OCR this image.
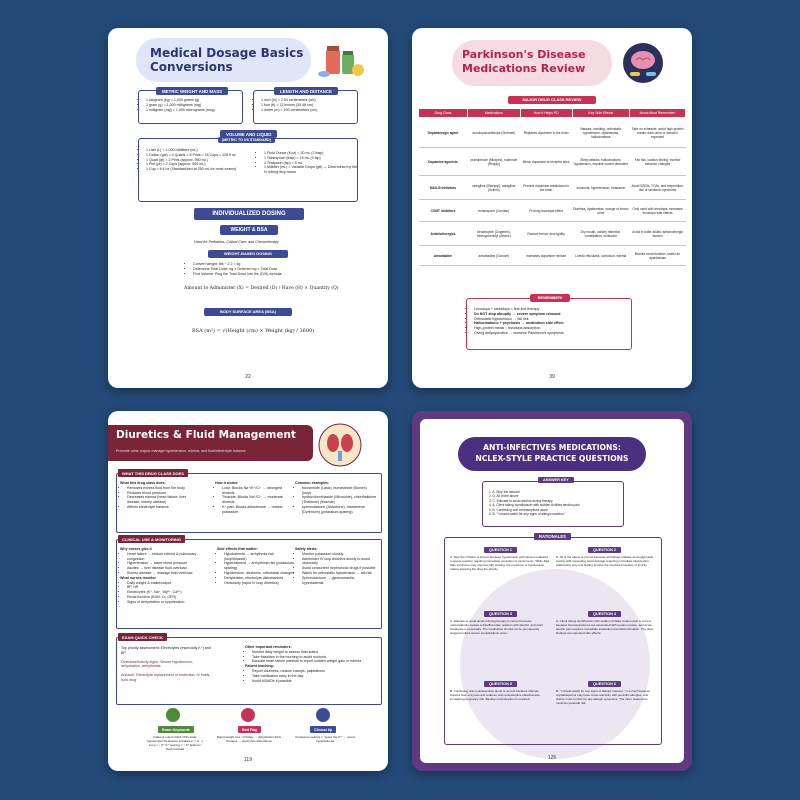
Medical Dosage Basics
Conversions
• 1 kilogram (kg) = 1,000 grams (g)
• 1 gram (g) = 1,000 milligrams (mg)
• 1 milligram (mg) = 1,000 micrograms (mcg)
METRIC WEIGHT AND MASS
• 1 inch (in) = 2.54 centimeters (cm)
• 1 foot (ft) = 12 inches (30.48 cm)
• 1 meter (m) = 100 centimeters (cm)
LENGTH AND DISTANCE
• 1 Liter (L) = 1,000 milliliters (mL)
• 1 Gallon (gal) = 4 Quarts = 8 Pints = 16 Cups = 128 fl oz
• 1 Quart (qt) = 2 Pints (approx. 950 mL)
• 1 Pint (pt) = 2 Cups (approx. 500 mL)
• 1 Cup = 8 fl oz (Standardized at 250 mL for most exams)
• 1 Fluid Ounce (fl oz) = 30 mL (2 tbsp)
• 1 Tablespoon (tbsp) = 15 mL (3 tsp)
• 1 Teaspoon (tsp) = 5 mL
• 1 Milliliter (mL) = Variable Drops (gtt) — Determined by the IV tubing drop factor
VOLUME AND LIQUID
(METRIC TO US STANDARD)
INDIVIDUALIZED DOSING
WEIGHT & BSA
Used for Pediatrics, Critical Care, and Chemotherapy
WEIGHT-BASED DOSING
• Convert weight: lbs ÷ 2.2 = kg
• Determine Total Dose: kg × Ordered mg = Total Dose
• Find Volume: Plug the Total Dose into the (D/H) formula.
Amount to Administer (X) = Desired (D) / Have (H) × Quantity (Q)
BODY SURFACE AREA (BSA)
BSA (m²) = √(Height (cm) × Weight (kg) / 3600)
22
Parkinson's Disease
Medications Review
MAJOR DRUG CLASS REVIEW
Drug Class	Medications	How It Helps PD	Key Side Effects	Nurse Must Remember!
Dopaminergic agent	levodopa/carbidopa (Sinemet)	Replaces dopamine in the brain	Nausea, vomiting, orthostatic hypotension, dyskinesias, hallucinations	Take on schedule; avoid high-protein meals; dark urine or sweat is expected
Dopamine agonists	pramipexole (Mirapex), ropinirole (Requip)	Mimic dopamine at receptor sites	Sleep attacks, hallucinations, hypotension, impulse control disorders	Fall risk, caution driving; monitor behavior changes
MAO-B inhibitors	selegiline (Eldepryl), rasagiline (Azilect)	Prevent dopamine breakdown in the brain	Insomnia, hypertension, headache	Avoid SSRIs, TCAs, and meperidine; risk of serotonin syndrome
COMT inhibitors	entacapone (Comtan)	Prolong levodopa effect	Diarrhea, dyskinesias, orange or brown urine	Only used with levodopa; increases levodopa side effects
Anticholinergics	benztropine (Cogentin), trihexyphenidyl (Artane)	Reduce tremor and rigidity	Dry mouth, urinary retention, constipation, confusion	Avoid in older adults; anticholinergic burden
Amantadine	amantadine (Gocovri)	Increases dopamine release	Livedo reticularis, confusion, edema	Monitor renal function; useful for dyskinesias
• Levodopa + carbidopa = first-line therapy
• Do NOT stop abruptly → severe symptom rebound
• Orthostatic hypotension → fall risk
• Hallucinations + psychosis → medication side effect
• High-protein meals ↓ levodopa absorption
• Giving antipsychotics → worsens Parkinson's symptoms
REMEMBER!
39
Diuretics & Fluid Management
Promote urine output, manage hypertension, edema, and fluid/electrolyte balance
What this drug class does:
• Removes excess fluid from the body
• Reduces blood pressure
• Decreases edema (heart failure, liver disease, kidney disease)
• Affects electrolyte balance
How it works:
• Loop: Blocks Na⁺/K⁺/Cl⁻ → strongest diuresis
• Thiazide: Blocks Na⁺/Cl⁻ → moderate diuresis
• K⁺-part: Blocks aldosterone → retains potassium
Common examples:
• furosemide (Lasix), bumetanide (Bumex) (loop)
• hydrochlorothiazide (Microzide), chlorthalidone (Thalitone) (thiazide)
• spironolactone (Aldactone), triamterene (Dyrenium) (potassium-sparing)
WHAT THIS DRUG CLASS DOES
Why nurses give it
• Heart failure → reduce edema & pulmonary congestion
• Hypertension → lower blood pressure
• Ascites → liver disease fluid overload
• Kidney disease → manage fluid overload
What nurses monitor
• Daily weight & intake/output
• BP, HR
• Electrolytes (K⁺, Na⁺, Mg²⁺, Ca²⁺)
• Renal function (BUN, Cr, GFR)
• Signs of dehydration or hypotension
Side effects that matter:
• Hypokalemia → arrhythmia risk (loop/thiazide)
• Hyperkalemia → arrhythmia risk (potassium-sparing)
• Hypotension, dizziness, orthostatic changes
• Dehydration, electrolyte disturbances
• Ototoxicity (rapid IV loop diuretics)
Safety alerts:
• Monitor potassium closely
• Administer IV loop diuretics slowly to avoid ototoxicity
• Avoid concurrent nephrotoxic drugs if possible
• Watch for orthostatic hypotension → fall risk
• Spironolactone → gynecomastia, hyperkalemia
CLINICAL USE & MONITORING
Top priority assessment: Electrolytes (especially K⁺) and BP
Overdose/toxicity signs: Severe hypotension, dehydration, arrhythmias
Antidote: Electrolyte replacement or restriction, IV fluids, hold drug
Other important reminders:
• Monitor daily weight to assess fluid status
• Take thiazides in the morning to avoid nocturia
• Educate heart failure patients to report sudden weight gain or edema
Patient teaching:
• Report dizziness, muscle cramps, palpitations
• Take medication early in the day
• Avoid NSAIDs if possible
EXAM QUICK CHECK
Exam Keywords
Intake & output (I&O) Orthostatic hypotension Potassium imbalance (↑ or ↓) Loop = ↓ K⁺ K⁺-sparing = ↑ K⁺ Edema / fluid overload
Red Flag
Rapid weight loss >2 lb/day → dehydration ECG changes → electrolyte disturbance
Clinical tip
Potassium-sparing = "spare the K⁺" → avoid hyperkalemia
119
ANTI-INFECTIVES MEDICATIONS:
NCLEX-STYLE PRACTICE QUESTIONS
1. A. Stop the infusion
2. D. All of the above
3. C. Educate to avoid alcohol during therapy
4. A. Client taking ciprofloxacin with sudden Achilles tendon pain
5. B. Continuing oral contraceptives alone
6. B. "I should watch for any signs of allergic reaction."
ANSWER KEY
RATIONALES
QUESTION 1
A. Stop the infusion is correct because hypotension with infusion indicates a severe reaction requiring immediate cessation of vancomycin. While Red Man syndrome may improve with slowing, the presence of hypotension makes stopping the drug the priority.
QUESTION 2
D. All of the above is correct because all findings indicate aminoglycoside toxicity with impending renal damage requiring immediate intervention. Addressing only one finding ignores the combined severity of toxicity.
QUESTION 3
C. Educate to avoid alcohol during therapy is correct because metronidazole causes a disulfiram-like reaction with alcohol, and strict avoidance is necessary. The medication should not be permanently stopped unless severe complications occur.
QUESTION 4
A. Client taking ciprofloxacin with sudden Achilles tendon pain is correct because fluoroquinolones are associated with tendon rupture, and acute tendon pain requires immediate evaluation and discontinuation. The other findings are expected side effects.
QUESTION 5
B. Continuing oral contraceptives alone is correct because rifampin induces liver enzymes and reduces oral contraceptive effectiveness, increasing pregnancy risk. Backup contraception is required.
QUESTION 6
B. "I should watch for any signs of allergic reaction." is correct because cephalosporins may have cross-reactivity with penicillin allergies, and clients must monitor for any allergic symptoms. The other statements minimize potential risk.
125
